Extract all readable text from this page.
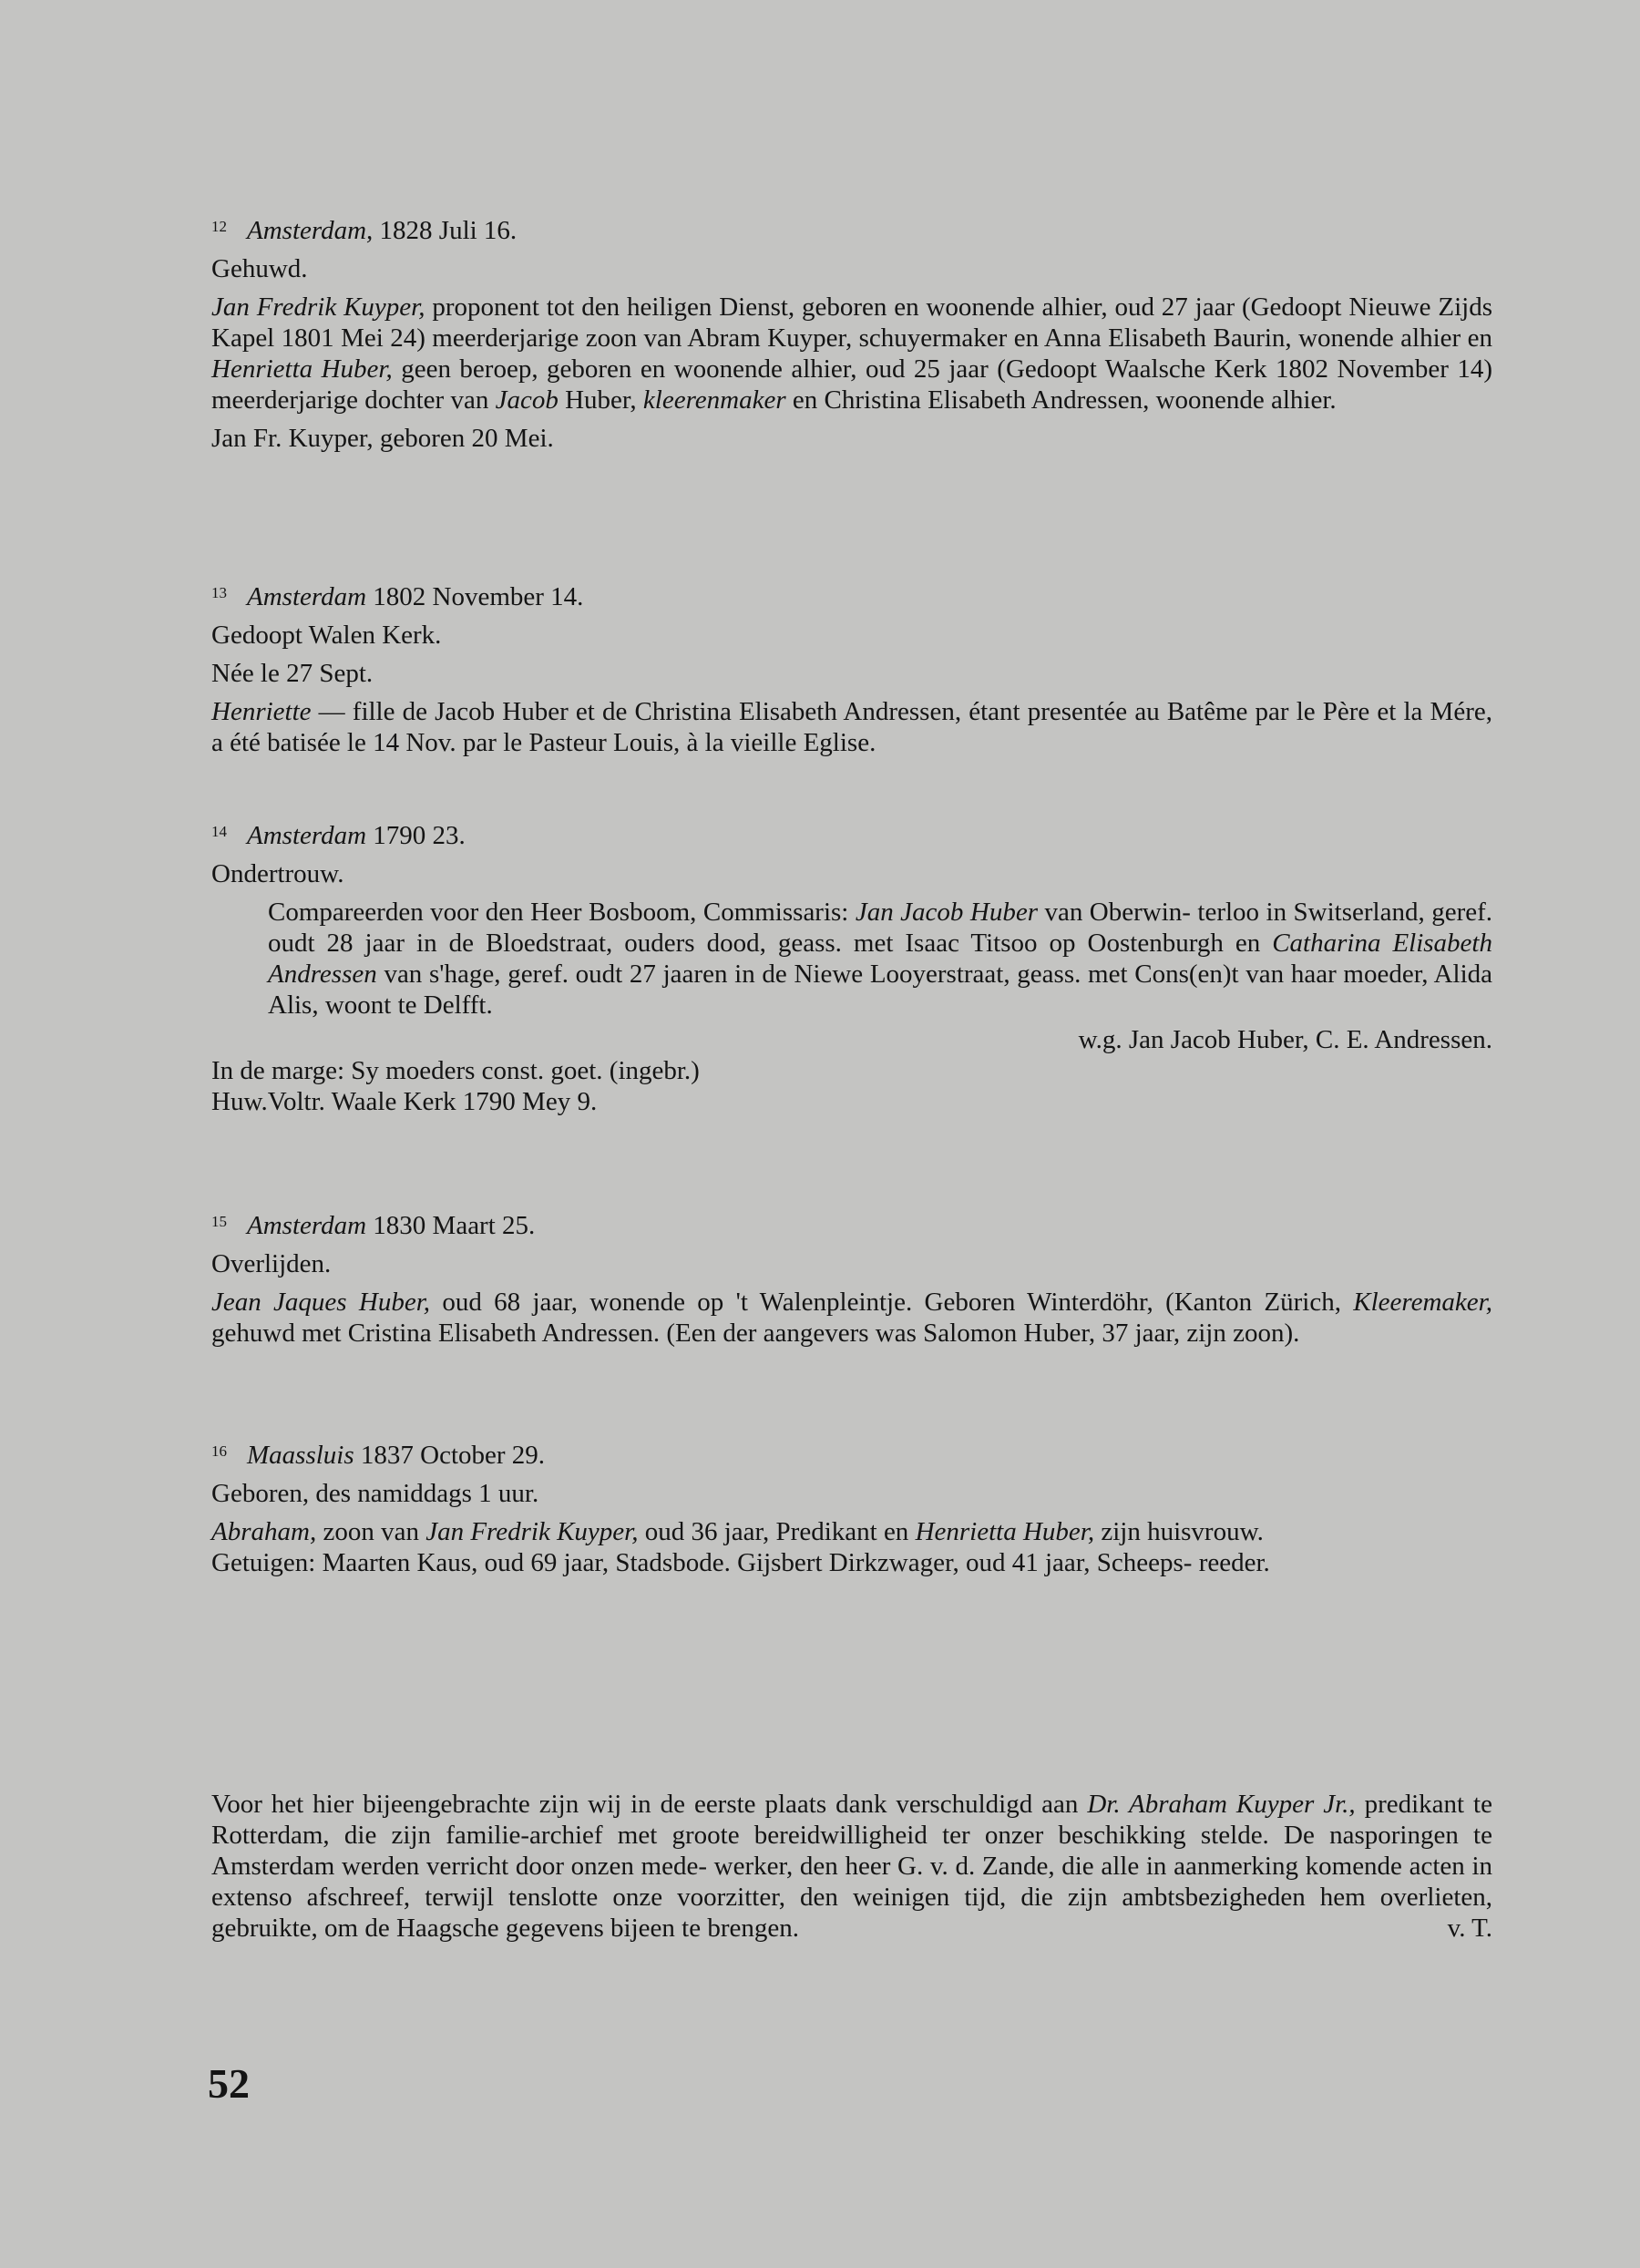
$^{12}$ Amsterdam, 1828 Juli 16.

Gehuwd.

Jan Fredrik Kuyper, proponent tot den heiligen Dienst, geboren en woonende alhier, oud 27 jaar (Gedoopt Nieuwe Zijds Kapel 1801 Mei 24) meerderjarige zoon van Abram Kuyper, schuyermaker en Anna Elisabeth Baurin, wonende alhier en Henrietta Huber, geen beroep, geboren en woonende alhier, oud 25 jaar (Gedoopt Waalsche Kerk 1802 November 14) meerderjarige dochter van Jacob Huber, kleerenmaker en Christina Elisabeth Andressen, woonende alhier.

Jan Fr. Kuyper, geboren 20 Mei.

$^{13}$ Amsterdam 1802 November 14.

Gedoopt Walen Kerk.

Née le 27 Sept.

Henriette — fille de Jacob Huber et de Christina Elisabeth Andressen, étant presentée au Batême par le Père et la Mére, a été batisée le 14 Nov. par le Pasteur Louis, à la vieille Eglise.

$^{14}$ Amsterdam 1790 23.

Ondertrouw.

Compareerden voor den Heer Bosboom, Commissaris: Jan Jacob Huber van Oberwin- terloo in Switserland, geref. oudt 28 jaar in de Bloedstraat, ouders dood, geass. met Isaac Titsoo op Oostenburgh en Catharina Elisabeth Andressen van s'hage, geref. oudt 27 jaaren in de Niewe Looyerstraat, geass. met Cons(en)t van haar moeder, Alida Alis, woont te Delfft.

w.g. Jan Jacob Huber, C. E. Andressen.

In de marge: Sy moeders const. goet. (ingebr.)

Huw.Voltr. Waale Kerk 1790 Mey 9.

$^{15}$ Amsterdam 1830 Maart 25.

Overlijden.

Jean Jaques Huber, oud 68 jaar, wonende op 't Walenpleintje. Geboren Winterdöhr, (Kanton Zürich, Kleeremaker, gehuwd met Cristina Elisabeth Andressen. (Een der aangevers was Salomon Huber, 37 jaar, zijn zoon).

$^{16}$ Maassluis 1837 October 29.

Geboren, des namiddags 1 uur.

Abraham, zoon van Jan Fredrik Kuyper, oud 36 jaar, Predikant en Henrietta Huber, zijn huisvrouw.

Getuigen: Maarten Kaus, oud 69 jaar, Stadsbode. Gijsbert Dirkzwager, oud 41 jaar, Scheeps- reeder.

Voor het hier bijeengebrachte zijn wij in de eerste plaats dank verschuldigd aan Dr. Abraham Kuyper Jr., predikant te Rotterdam, die zijn familie-archief met groote bereidwilligheid ter onzer beschikking stelde. De nasporingen te Amsterdam werden verricht door onzen mede- werker, den heer G. v. d. Zande, die alle in aanmerking komende acten in extenso afschreef, terwijl tenslotte onze voorzitter, den weinigen tijd, die zijn ambtsbezigheden hem overlieten, gebruikte, om de Haagsche gegevens bijeen te brengen.	v. T.

52
